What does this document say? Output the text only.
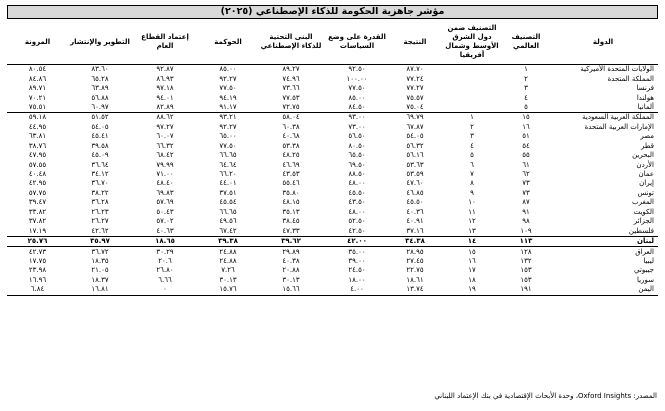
مؤشر جاهزية الحكومة للذكاء الإصطناعي (٢٠٢٥)
الدولة	التصنيف العالمي	التصنيف ضمن دول الشرق الأوسط وشمال أفريقيا	النتيجة	القدرة على وضع السياسات	البنى التحتية للذكاء الإصطناعي	الحوكمة	إعتماد القطاع العام	التطوير والإنتشار	المرونة
الولايات المتحدة الأميركية	١		٨٧.٧٠	٩٢.٥٠	٨٩.٢٧	٨٥.٠٠	٩٢.٨٧	٨٣.٦٠	٨٠.٥٤
المملكة المتحدة	٢		٧٧.٢٤	١٠٠.٠٠	٧٤.٩٦	٩٢.٢٧	٨٦.٩٣	٦٥.٢٨	٨٤.٨٦
فرنسا	٣		٧٧.٢٧	٧٧.٥٠	٧٣.٦٦	٧٧.٥٠	٩٧.١٨	٦٣.٨٩	٨٩.٧١
هولندا	٤		٧٥.٥٧	٨٥.٠٠	٧٧.٥٣	٩٤.١٩	٩٤.٠١	٥٦.٨٨	٧٠.٢١
ألمانيا	٥		٧٥.٠٤	٨٤.٥٠	٧٢.٧٥	٩١.١٧	٨٢.٨٩	٦٠.٩٧	٧٥.٥١
المملكة العربية السعودية	١٥	١	٦٩.٧٩	٩٣.٠٠	٥٨.٠٤	٩٣.٢١	٨٨.٦٢	٥١.٥٢	٥٩.١٨
الإمارات العربية المتحدة	١٦	٢	٦٧.٨٧	٧٣.٠٠	٦٠.٣٨	٩٢.٢٧	٩٧.٢٧	٥٤.٠٥	٤٤.٩٥
مصر	٥١	٣	٥٤.٠٥	٥٦.٥٠	٤٠.٦٨	٦٥.٠٠	٦٠.٠٧	٤٥.٤١	٦٣.٨١
قطر	٥٤	٤	٥٦.٣٢	٨٠.٥٠	٥٣.٣٨	٧٧.٥٠	٦٦.٣٢	٣٩.٥٨	٣٨.٧٦
البحرين	٥٥	٥	٥٦.١٦	٦٥.٥٠	٤٨.٢٥	٦٦.٦٥	٦٨.٤٢	٤٥.٠٩	٤٧.٩٥
الأردن	٦١	٦	٥٣.٦٣	٦٩.٥٠	٤٦.٦٩	٦٤.٦٤	٧٩.٩٩	٣٦.٦٤	٥٧.٥٥
عمان	٦٢	٧	٥٣.٥٩	٨٨.٥٠	٤٣.٥٣	٦٦.٢٠	٧١.٠٠	٣٤.١٢	٤٠.٤٨
إيران	٧٣	٨	٤٧.٦٠	٤٨.٠٠	٥٥.٤٦	٤٤.٠١	٤٨.٤٠	٣٦.٧٠	٤٢.٩٥
تونس	٧٣	٩	٤٦.٨٥	٤٥.٥٠	٣٥.٨٠	٣٧.٥١	٦٩.٨٣	٣٨.٢٢	٥٧.٧٥
المغرب	٨٧	١٠	٤٥.٥٠	٤٣.٥٠	٤٨.١٥	٤٥.٥٤	٥٧.٦٩	٣٦.٢٨	٣٩.٤٧
الكويت	٩١	١١	٤٠.٣٦	٤٨.٠٠	٣٥.١٣	٦٦.٦٥	٥٠.٤٣	٢٦.٢٣	٣٣.٨٢
الجزائر	٩٨	١٢	٤٠.٩١	٥٢.٥٠	٣٨.٤٥	٤٩.٥٦	٥٧.٠٢	٢٦.٢٧	٣٧.٨٢
فلسطين	١٠٩	١٣	٣٧.١٦	٤٢.٥٠	٤٧.٣٣	٦٧.٤٢	٤٠.٦٣	٤٢.٦٢	١٧.١٩
لبنان	١١٣	١٤	٣٤.٣٨	٤٢.٠٠	٣٩.٦٢	٣٩.٣٨	١٨.٦٥	٣٥.٩٧	٢٥.٧٦
العراق	١٢٨	١٥	٢٨.٩٥	٣٥.٠٠	٢٩.٨٩	٢٤.٨٨	٣٠.٢٩	٣٦.٧٢	٤٢.٧٣
ليبيا	١٣٢	١٦	٢٧.٤٥	٣٩.٠٠	٤٠.٣٨	٢٤.٨٨	٢٠.٦	١٨.٣٥	١٧.٧٥
جيبوتي	١٥٣	١٧	٢٢.٧٥	٢٤.٥٠	٢٠.٨٨	٧.٢٦	٢٦.٨٠	٢١.٠٥	٢٣.٩٨
سوريا	١٥٣	١٨	١٨.٦١	١٨.٠٠	٣٠.١٣	٣٠.١٣	٦.٦٦	١٨.٣٧	١٦.٩٦
اليمن	١٩١	١٩	١٣.٧٤	٤.٠٠	١٥.٦٦	١٥.٧٦	٠	١٦.٨١	٦.٨٤
المصدر: Oxford Insights، وحدة الأبحاث الإقتصادية في بنك الإعتماد اللبناني
